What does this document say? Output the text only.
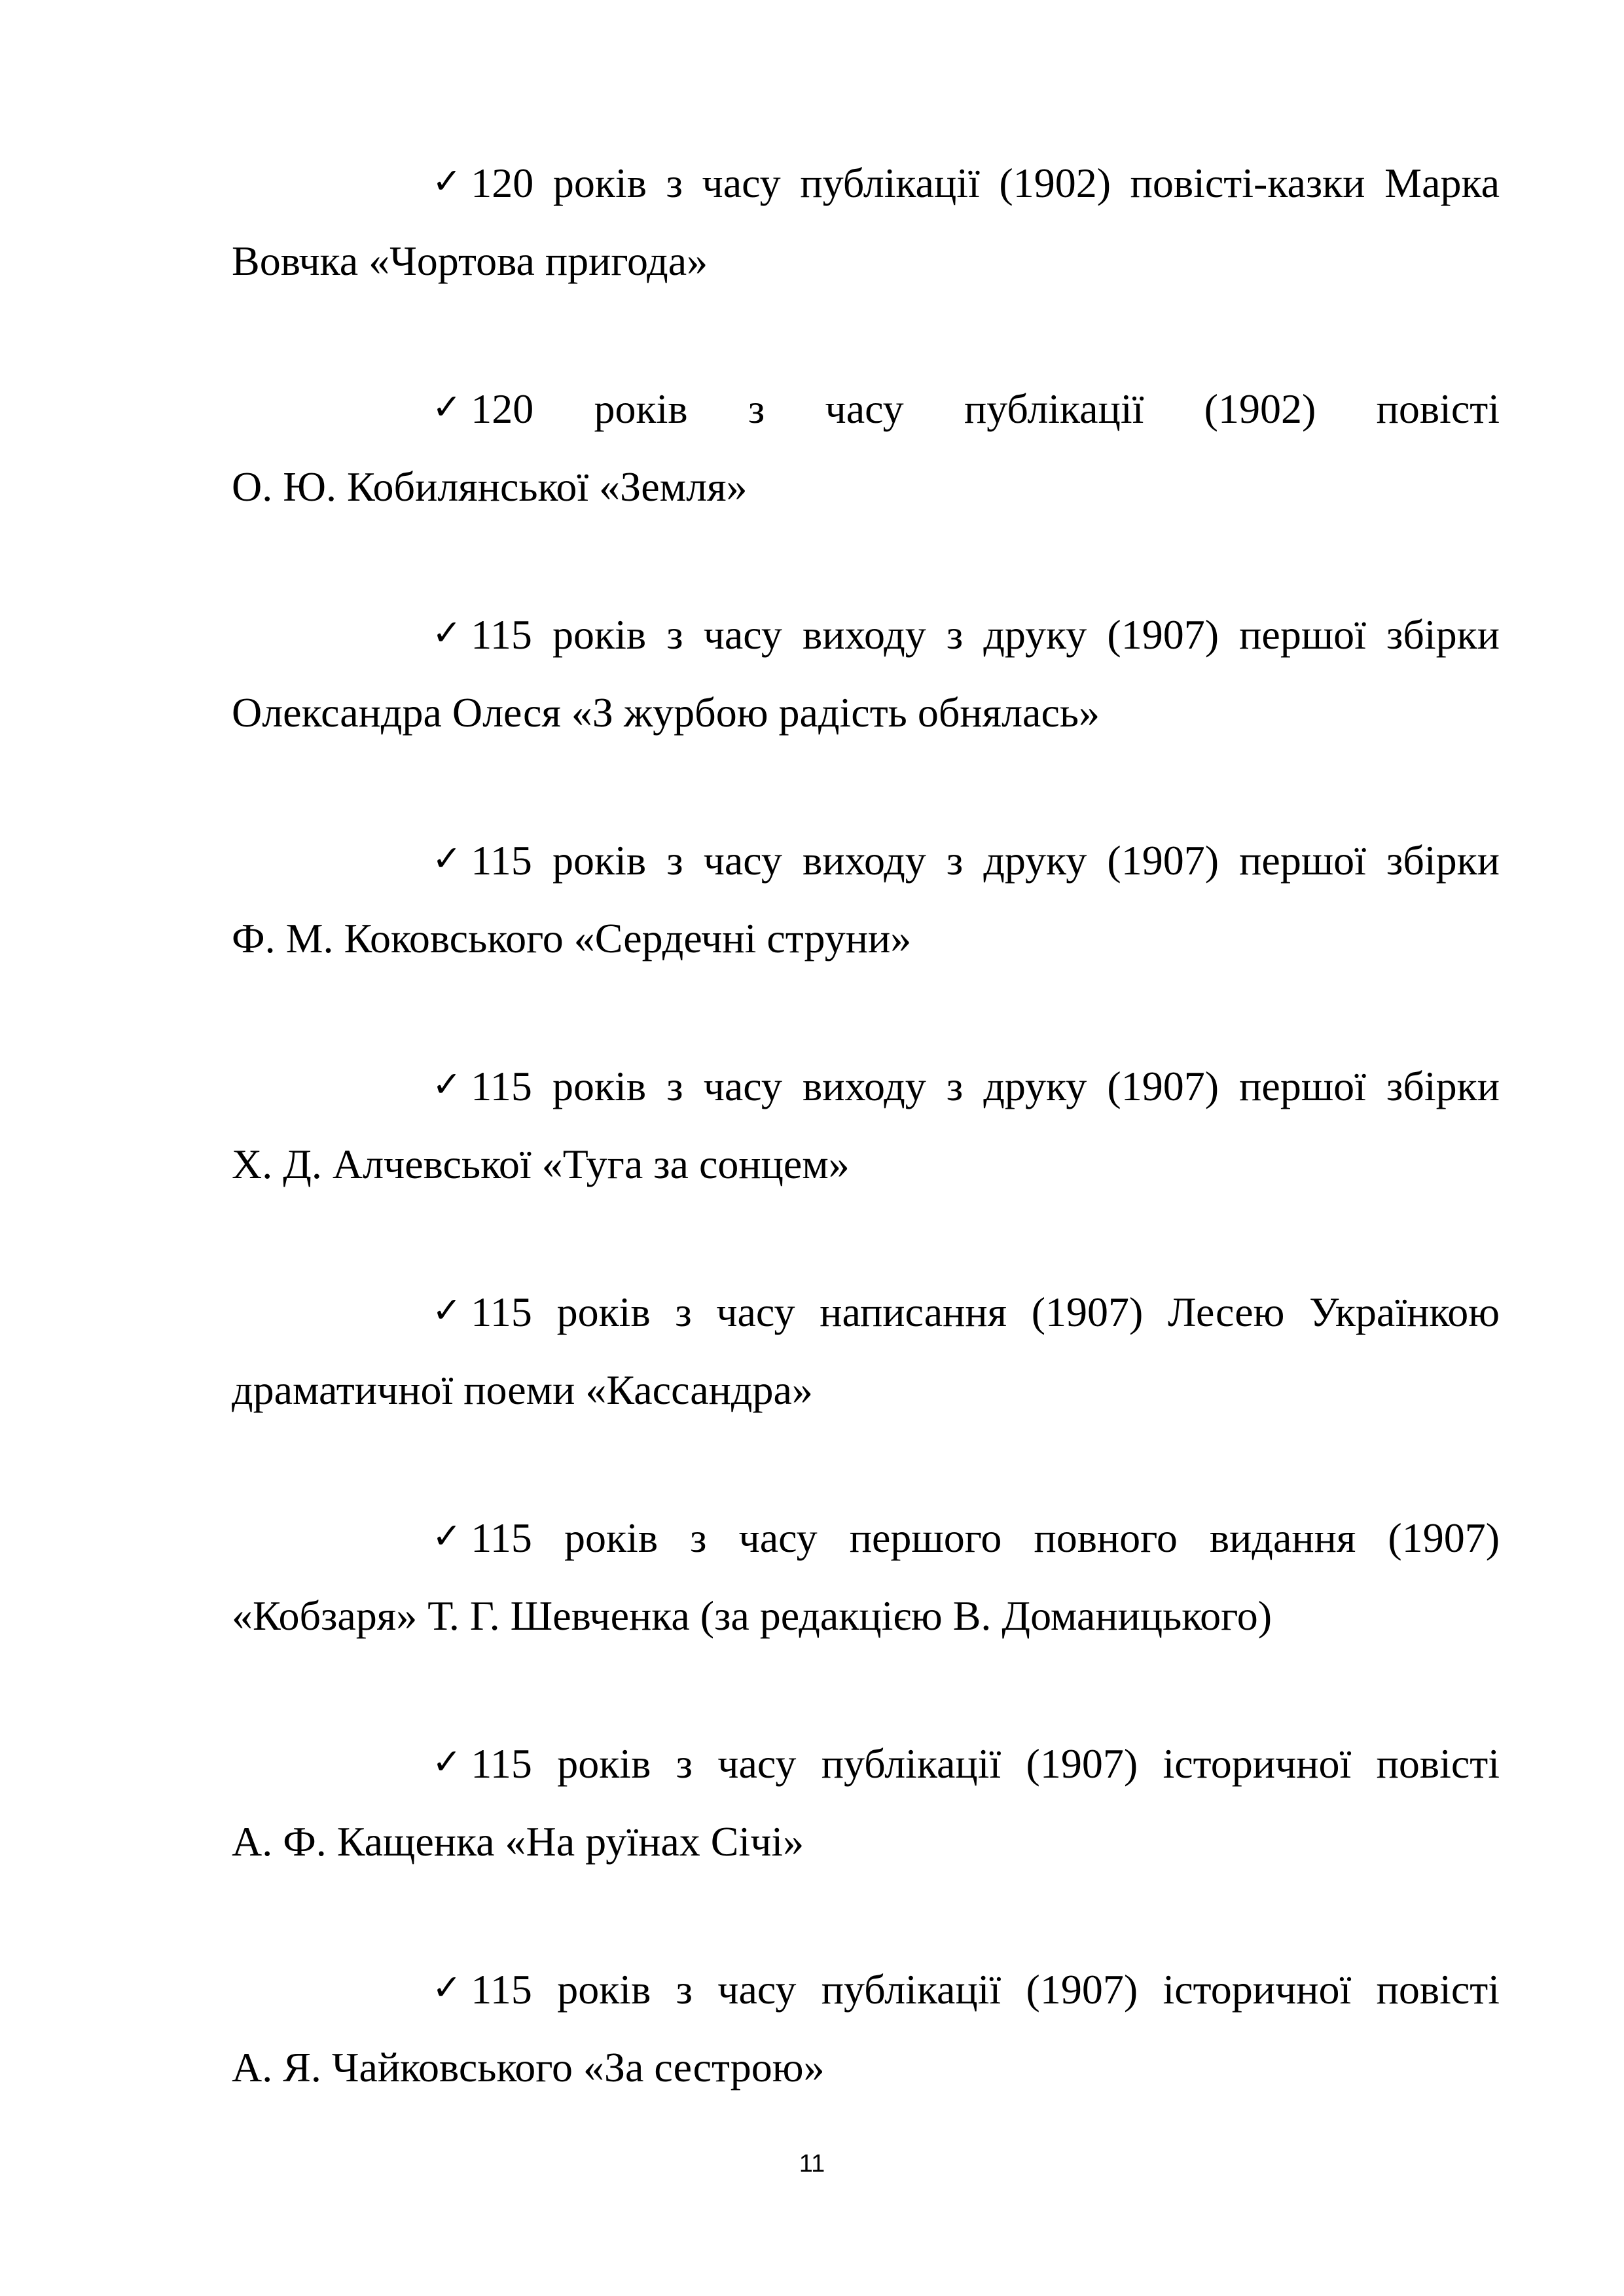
✓ 120 років з часу публікації (1902) повісті-казки Марка
Вовчка «Чортова пригода»
✓ 120 років з часу публікації (1902) повісті
О. Ю. Кобилянської «Земля»
✓ 115 років з часу виходу з друку (1907) першої збірки
Олександра Олеся «З журбою радість обнялась»
✓ 115 років з часу виходу з друку (1907) першої збірки
Ф. М. Коковського «Сердечні струни»
✓ 115 років з часу виходу з друку (1907) першої збірки
Х. Д. Алчевської «Туга за сонцем»
✓ 115 років з часу написання (1907) Лесею Українкою
драматичної поеми «Кассандра»
✓ 115 років з часу першого повного видання (1907)
«Кобзаря» Т. Г. Шевченка (за редакцією В. Доманицького)
✓ 115 років з часу публікації (1907) історичної повісті
А. Ф. Кащенка «На руїнах Січі»
✓ 115 років з часу публікації (1907) історичної повісті
А. Я. Чайковського «За сестрою»
11
